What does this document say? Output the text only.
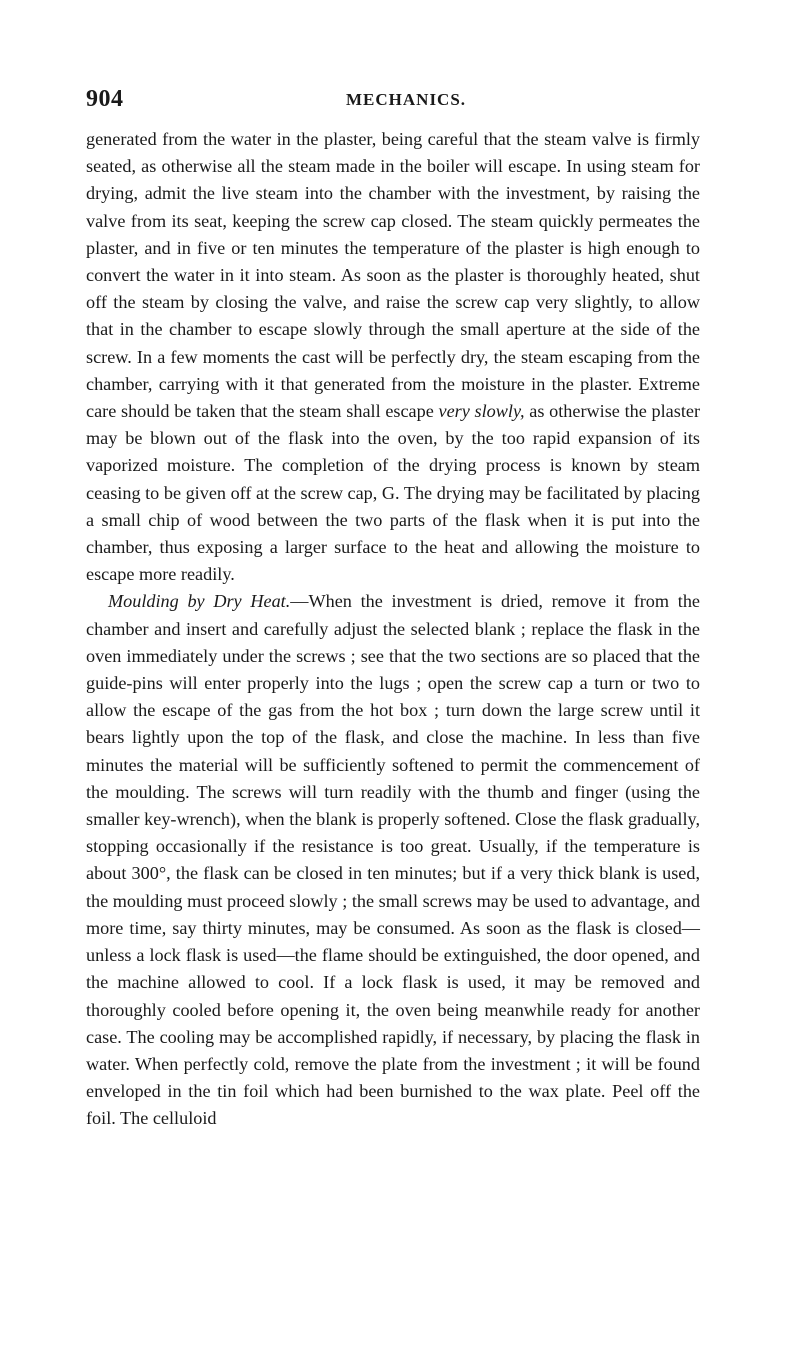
904	MECHANICS.

generated from the water in the plaster, being careful that the steam valve is firmly seated, as otherwise all the steam made in the boiler will escape. In using steam for drying, admit the live steam into the chamber with the investment, by raising the valve from its seat, keeping the screw cap closed. The steam quickly permeates the plaster, and in five or ten minutes the temperature of the plaster is high enough to convert the water in it into steam. As soon as the plaster is thoroughly heated, shut off the steam by closing the valve, and raise the screw cap very slightly, to allow that in the chamber to escape slowly through the small aperture at the side of the screw. In a few moments the cast will be perfectly dry, the steam escaping from the chamber, carrying with it that generated from the moisture in the plaster. Extreme care should be taken that the steam shall escape very slowly, as otherwise the plaster may be blown out of the flask into the oven, by the too rapid expansion of its vaporized moisture. The completion of the drying process is known by steam ceasing to be given off at the screw cap, G. The drying may be facilitated by placing a small chip of wood between the two parts of the flask when it is put into the chamber, thus exposing a larger surface to the heat and allowing the moisture to escape more readily.

Moulding by Dry Heat.—When the investment is dried, remove it from the chamber and insert and carefully adjust the selected blank ; replace the flask in the oven immediately under the screws ; see that the two sections are so placed that the guide-pins will enter properly into the lugs ; open the screw cap a turn or two to allow the escape of the gas from the hot box ; turn down the large screw until it bears lightly upon the top of the flask, and close the machine. In less than five minutes the material will be sufficiently softened to permit the commencement of the moulding. The screws will turn readily with the thumb and finger (using the smaller key-wrench), when the blank is properly softened. Close the flask gradually, stopping occasionally if the resistance is too great. Usually, if the temperature is about 300°, the flask can be closed in ten minutes; but if a very thick blank is used, the moulding must proceed slowly ; the small screws may be used to advantage, and more time, say thirty minutes, may be consumed. As soon as the flask is closed—unless a lock flask is used—the flame should be extinguished, the door opened, and the machine allowed to cool. If a lock flask is used, it may be removed and thoroughly cooled before opening it, the oven being meanwhile ready for another case. The cooling may be accomplished rapidly, if necessary, by placing the flask in water. When perfectly cold, remove the plate from the investment ; it will be found enveloped in the tin foil which had been burnished to the wax plate. Peel off the foil. The celluloid
